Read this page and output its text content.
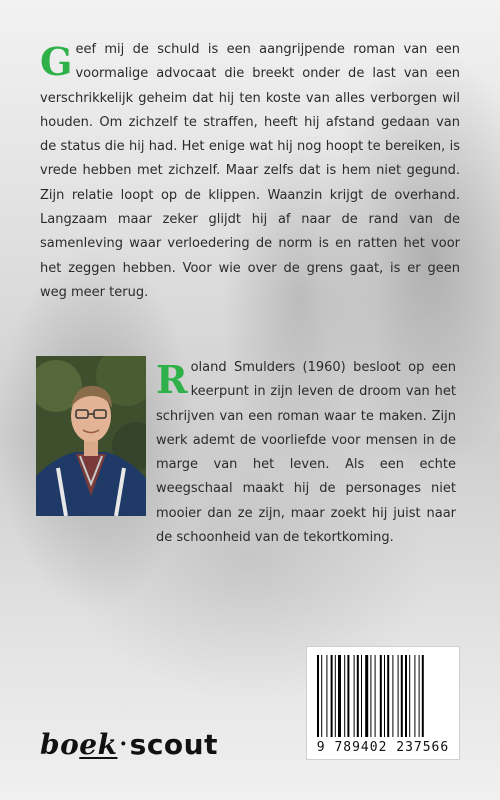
Geef mij de schuld is een aangrijpende roman van een voormalige advocaat die breekt onder de last van een verschrikkelijk geheim dat hij ten koste van alles verborgen wil houden. Om zichzelf te straffen, heeft hij afstand gedaan van de status die hij had. Het enige wat hij nog hoopt te bereiken, is vrede hebben met zichzelf. Maar zelfs dat is hem niet gegund. Zijn relatie loopt op de klippen. Waanzin krijgt de overhand. Langzaam maar zeker glijdt hij af naar de rand van de samenleving waar verloedering de norm is en ratten het voor het zeggen hebben. Voor wie over de grens gaat, is er geen weg meer terug.
Roland Smulders (1960) besloot op een keerpunt in zijn leven de droom van het schrijven van een roman waar te maken. Zijn werk ademt de voorliefde voor mensen in de marge van het leven. Als een echte weegschaal maakt hij de personages niet mooier dan ze zijn, maar zoekt hij juist naar de schoonheid van de tekortkoming.
9 789402 237566
boek·scout
